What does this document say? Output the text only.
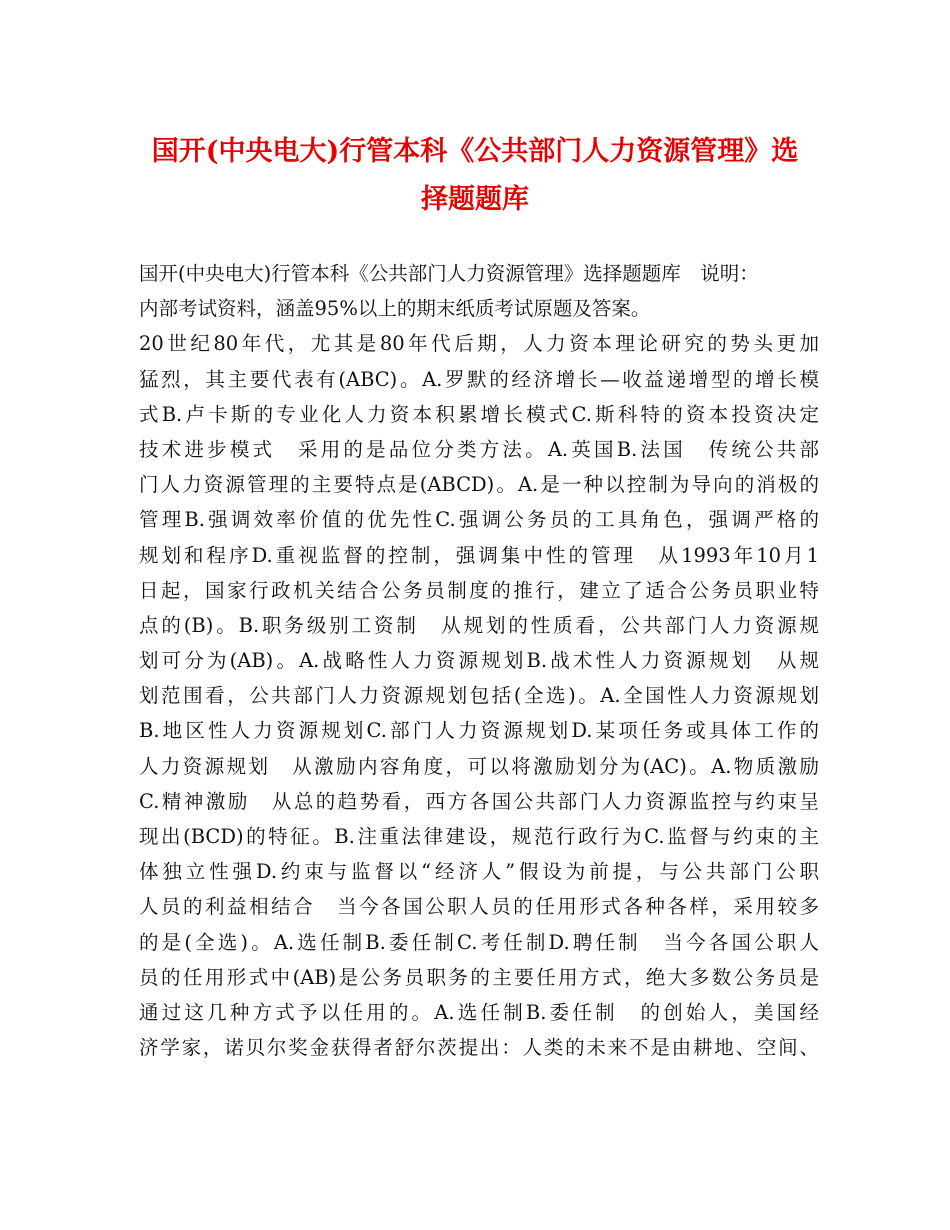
国开(中央电大)行管本科《公共部门人力资源管理》选
择题题库
国开(中央电大)行管本科《公共部门人力资源管理》选择题题库　说明：
内部考试资料，涵盖95%以上的期末纸质考试原题及答案。
20世纪80年代，尤其是80年代后期，人力资本理论研究的势头更加
猛烈，其主要代表有(ABC)。A.罗默的经济增长—收益递增型的增长模
式B.卢卡斯的专业化人力资本积累增长模式C.斯科特的资本投资决定
技术进步模式　采用的是品位分类方法。A.英国B.法国　传统公共部
门人力资源管理的主要特点是(ABCD)。A.是一种以控制为导向的消极的
管理B.强调效率价值的优先性C.强调公务员的工具角色，强调严格的
规划和程序D.重视监督的控制，强调集中性的管理　从1993年10月1
日起，国家行政机关结合公务员制度的推行，建立了适合公务员职业特
点的(B)。B.职务级别工资制　从规划的性质看，公共部门人力资源规
划可分为(AB)。A.战略性人力资源规划B.战术性人力资源规划　从规
划范围看，公共部门人力资源规划包括(全选)。A.全国性人力资源规划
B.地区性人力资源规划C.部门人力资源规划D.某项任务或具体工作的
人力资源规划　从激励内容角度，可以将激励划分为(AC)。A.物质激励
C.精神激励　从总的趋势看，西方各国公共部门人力资源监控与约束呈
现出(BCD)的特征。B.注重法律建设，规范行政行为C.监督与约束的主
体独立性强D.约束与监督以“经济人”假设为前提，与公共部门公职
人员的利益相结合　当今各国公职人员的任用形式各种各样，采用较多
的是(全选)。A.选任制B.委任制C.考任制D.聘任制　当今各国公职人
员的任用形式中(AB)是公务员职务的主要任用方式，绝大多数公务员是
通过这几种方式予以任用的。A.选任制B.委任制　的创始人，美国经
济学家，诺贝尔奖金获得者舒尔茨提出：人类的未来不是由耕地、空间、
